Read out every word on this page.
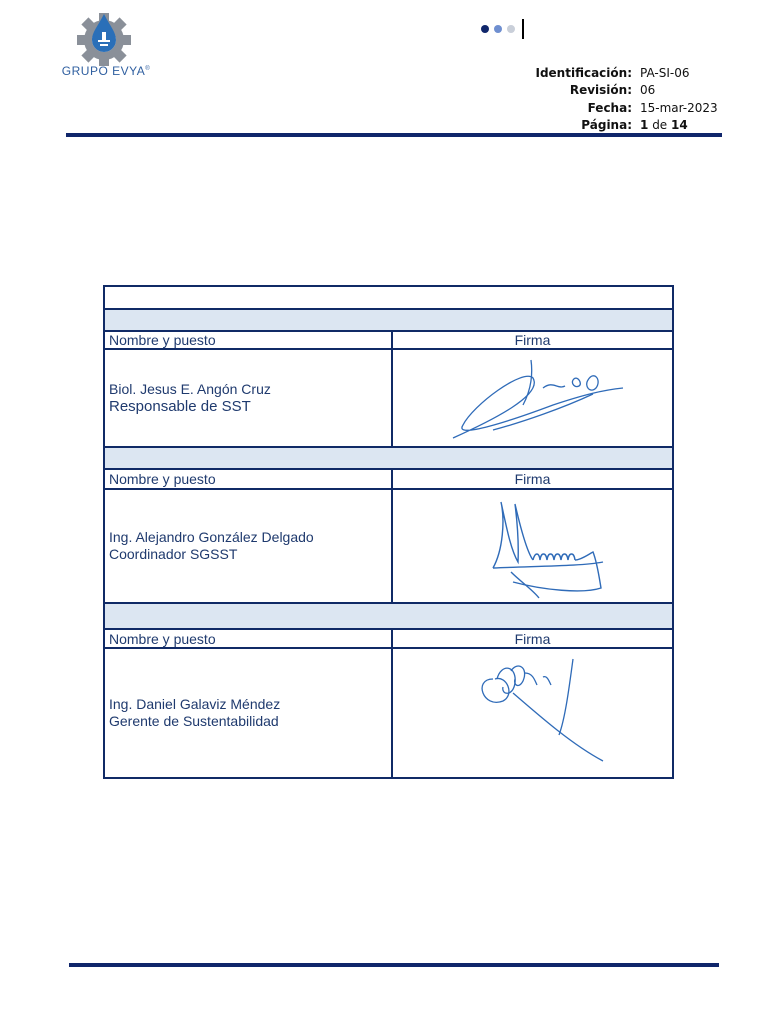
GRUPO EVYA®	Identificación: PA-SI-06
Revisión: 06
Fecha: 15-mar-2023
Página: 1 de 14

Nombre y puesto	Firma

Biol. Jesus E. Angón Cruz
Responsable de SST

Nombre y puesto	Firma

Ing. Alejandro González Delgado
Coordinador SGSST

Nombre y puesto	Firma

Ing. Daniel Galaviz Méndez
Gerente de Sustentabilidad
